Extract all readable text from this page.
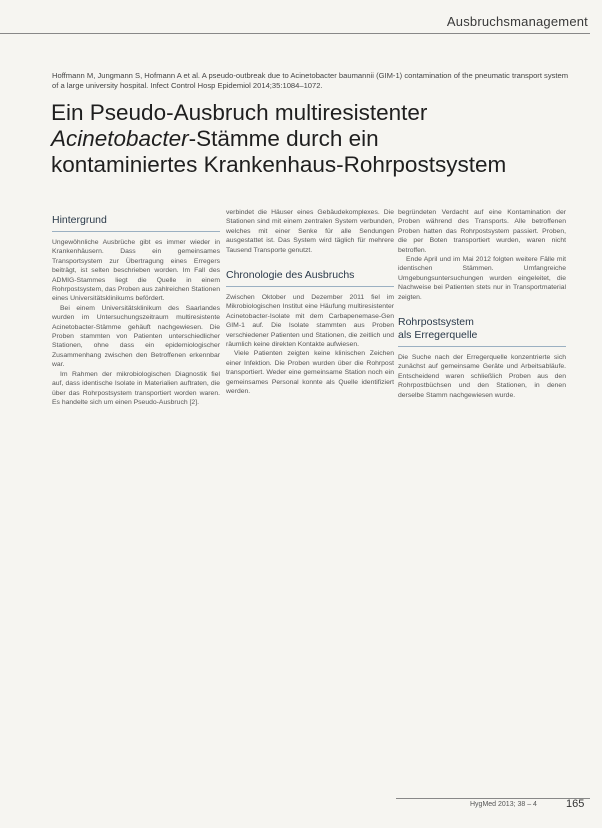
Ausbruchsmanagement
Hoffmann M, Jungmann S, Hofmann A et al. A pseudo-outbreak due to Acinetobacter baumannii (GIM-1) contamination of the pneumatic transport system of a large university hospital. Infect Control Hosp Epidemiol 2014;35:1084–1072.
Ein Pseudo-Ausbruch multiresistenter
Acinetobacter-Stämme durch ein
kontaminiertes Krankenhaus-Rohrpostsystem
Hintergrund

Ungewöhnliche Ausbrüche gibt es immer wieder in Krankenhäusern. Dass ein gemeinsames Transportsystem zur Übertragung eines Erregers beiträgt, ist selten beschrieben worden. Im Fall des ADMIG-Stammes liegt die Quelle in einem Rohrpostsystem, das Proben aus zahlreichen Stationen eines Universitätsklinikums befördert.

Bei einem Universitätsklinikum des Saarlandes wurden im Untersuchungszeitraum multiresistente Acinetobacter-Stämme gehäuft nachgewiesen. Die Proben stammten von Patienten unterschiedlicher Stationen, ohne dass ein epidemiologischer Zusammenhang zwischen den Betroffenen erkennbar war.

Im Rahmen der mikrobiologischen Diagnostik fiel auf, dass identische Isolate in Materialien auftraten, die über das Rohrpostsystem transportiert worden waren. Es handelte sich um einen Pseudo-Ausbruch [2].

verbindet die Häuser eines Gebäudekomplexes. Die Stationen sind mit einem zentralen System verbunden, welches mit einer Senke für alle Sendungen ausgestattet ist. Das System wird täglich für mehrere Tausend Transporte genutzt.

Chronologie des Ausbruchs

Zwischen Oktober und Dezember 2011 fiel im Mikrobiologischen Institut eine Häufung multiresistenter Acinetobacter-Isolate mit dem Carbapenemase-Gen GIM-1 auf. Die Isolate stammten aus Proben verschiedener Patienten und Stationen, die zeitlich und räumlich keine direkten Kontakte aufwiesen.

Viele Patienten zeigten keine klinischen Zeichen einer Infektion. Die Proben wurden über die Rohrpost transportiert. Weder eine gemeinsame Station noch ein gemeinsames Personal konnte als Quelle identifiziert werden.

begründeten Verdacht auf eine Kontamination der Proben während des Transports. Alle betroffenen Proben hatten das Rohrpostsystem passiert. Proben, die per Boten transportiert wurden, waren nicht betroffen.

Ende April und im Mai 2012 folgten weitere Fälle mit identischen Stämmen. Umfangreiche Umgebungsuntersuchungen wurden eingeleitet, die Nachweise bei Patienten stets nur in Transportmaterial zeigten.

Rohrpostsystem
als Erregerquelle

Die Suche nach der Erregerquelle konzentrierte sich zunächst auf gemeinsame Geräte und Arbeitsabläufe. Entscheidend waren schließlich Proben aus den Rohrpostbüchsen und den Stationen, in denen derselbe Stamm nachgewiesen wurde.

HygMed 2013; 38 – 4	165
